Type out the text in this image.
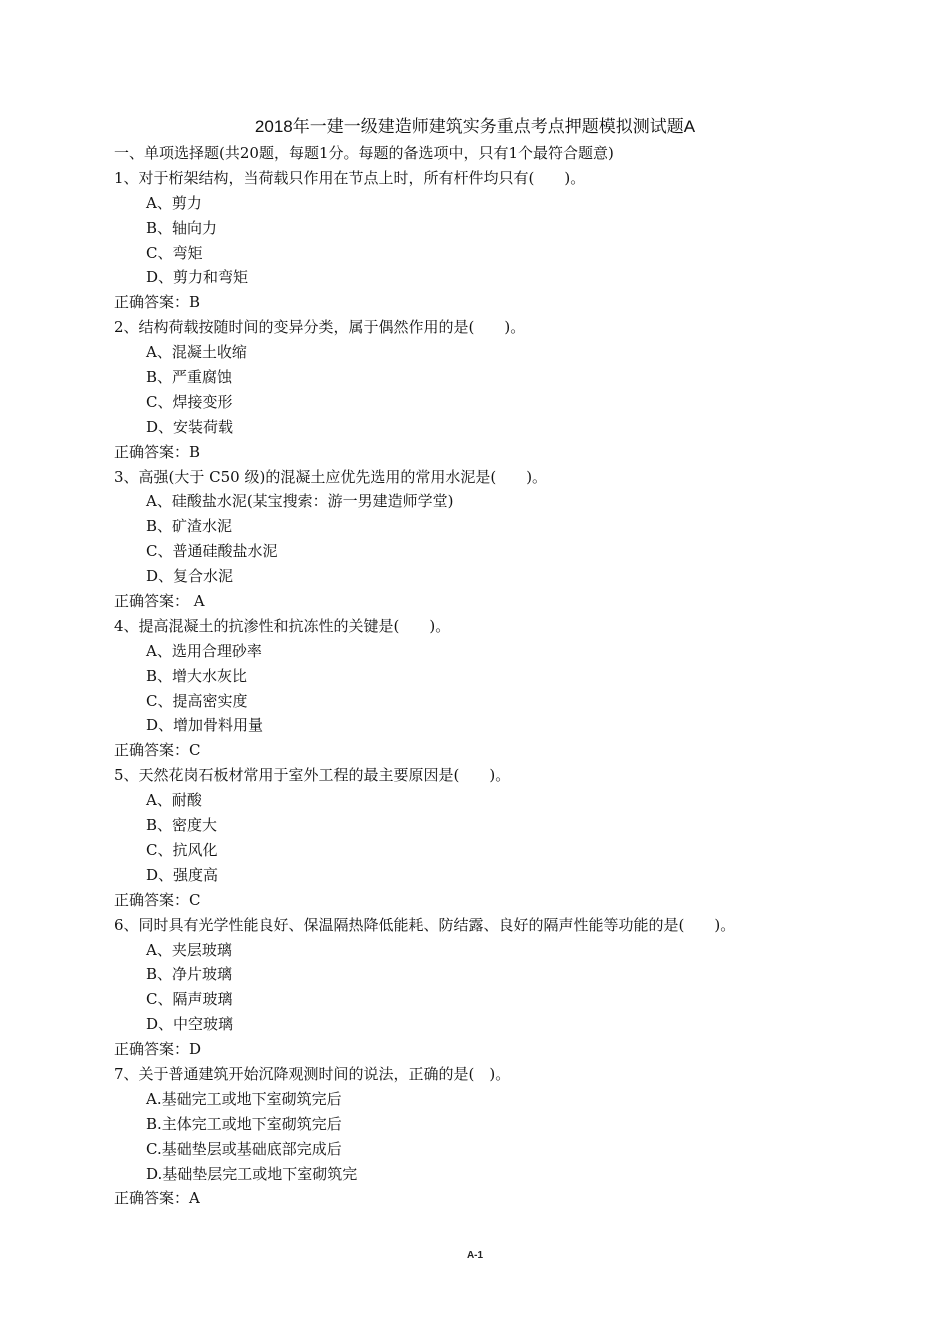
2018年一建一级建造师建筑实务重点考点押题模拟测试题A
一、单项选择题(共20题，每题1分。每题的备选项中，只有1个最符合题意)
1、对于桁架结构，当荷载只作用在节点上时，所有杆件均只有(　　)。
A、剪力
B、轴向力
C、弯矩
D、剪力和弯矩
正确答案：B
2、结构荷载按随时间的变异分类，属于偶然作用的是(　　)。
A、混凝土收缩
B、严重腐蚀
C、焊接变形
D、安装荷载
正确答案：B
3、高强(大于 C50 级)的混凝土应优先选用的常用水泥是(　　)。
A、硅酸盐水泥(某宝搜索：游一男建造师学堂)
B、矿渣水泥
C、普通硅酸盐水泥
D、复合水泥
正确答案： A
4、提高混凝土的抗渗性和抗冻性的关键是(　　)。
A、选用合理砂率
B、增大水灰比
C、提高密实度
D、增加骨料用量
正确答案：C
5、天然花岗石板材常用于室外工程的最主要原因是(　　)。
A、耐酸
B、密度大
C、抗风化
D、强度高
正确答案：C
6、同时具有光学性能良好、保温隔热降低能耗、防结露、良好的隔声性能等功能的是(　　)。
A、夹层玻璃
B、净片玻璃
C、隔声玻璃
D、中空玻璃
正确答案：D
7、关于普通建筑开始沉降观测时间的说法，正确的是(　)。
A.基础完工或地下室砌筑完后
B.主体完工或地下室砌筑完后
C.基础垫层或基础底部完成后
D.基础垫层完工或地下室砌筑完
正确答案：A
A-1
